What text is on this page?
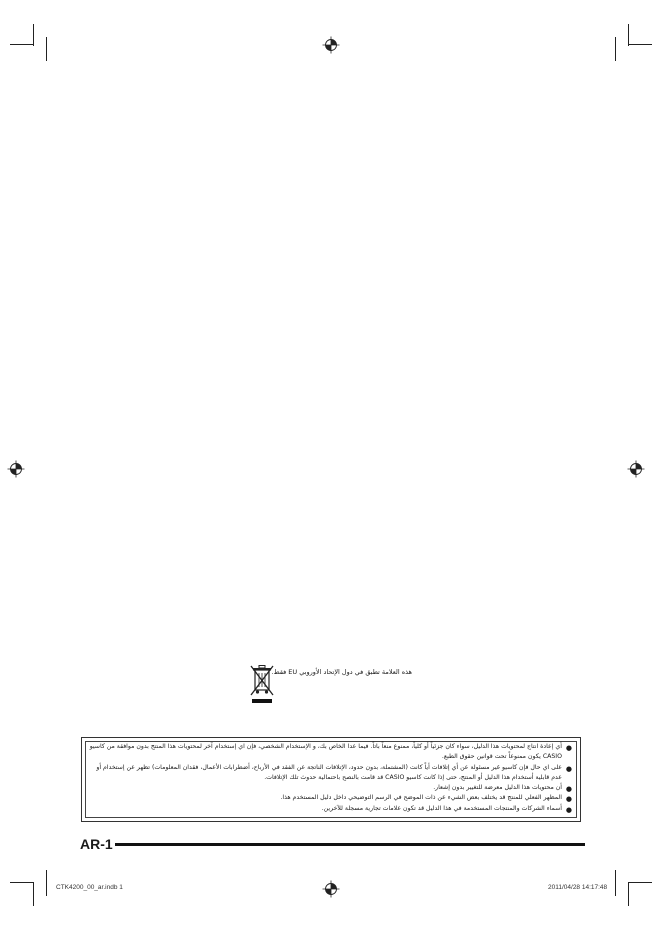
هذه العلامة تطبق في دول الإتحاد الأوروبي EU فقط.
●
أي إعادة انتاج لمحتويات هذا الدليل، سواء كان جزئياً أو كلياً، ممنوع منعاً باتاً. فيما عدا الخاص بك، و الإستخدام الشخصي، فإن اي إستخدام آخر لمحتويات هذا المنتج بدون موافقة من كاسيو CASIO يكون ممنوعاً تحت قوانين حقوق الطبع.
●
على اي حال فإن كاسيو غير مسئولة عن أي إتلافات أياً كانت (المشتملة، بدون حدود، الإتلافات الناتجة عن الفقد في الأرباح، أضطرابات الأعمال، فقدان المعلومات) تظهر عن إستخدام أو عدم قابلية أستخدام هذا الدليل أو المنتج، حتى إذا كانت كاسيو CASIO قد قامت بالنصح باحتمالية حدوث تلك الإتلافات.
●
أن محتويات هذا الدليل معرضة للتغيير بدون إشعار.
●
المظهر الفعلي للمنتج قد يختلف بعض الشيء عن ذات الموضح في الرسم التوضيحي داخل دليل المستخدم هذا.
●
أسماء الشركات والمنتجات المستخدمة في هذا الدليل قد تكون علامات تجارية مسجلة للآخرين.
AR-1
CTK4200_00_ar.indb 1	2011/04/28 14:17:48
